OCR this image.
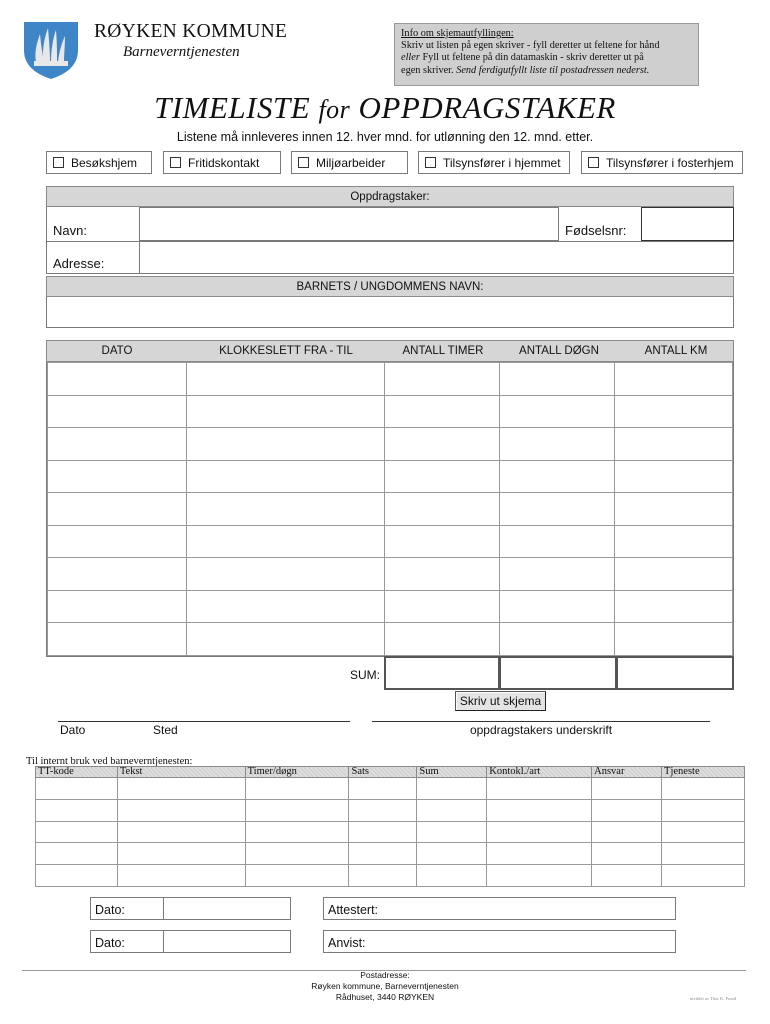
RØYKEN KOMMUNE
Barneverntjenesten
Info om skjemautfyllingen:
Skriv ut listen på egen skriver - fyll deretter ut feltene for hånd
eller Fyll ut feltene på din datamaskin - skriv deretter ut på
egen skriver. Send ferdigutfyllt liste til postadressen nederst.
TIMELISTE for OPPDRAGSTAKER
Listene må innleveres innen 12. hver mnd. for utlønning den 12. mnd. etter.
Besøkshjem	Fritidskontakt	Miljøarbeider	Tilsynsfører i hjemmet	Tilsynsfører i fosterhjem
Oppdragstaker:
Navn:	Fødselsnr:
Adresse:
BARNETS / UNGDOMMENS NAVN:
DATO	KLOKKESLETT FRA - TIL	ANTALL TIMER	ANTALL DØGN	ANTALL KM

SUM:
Skriv ut skjema
Dato	Sted	oppdragstakers underskrift
Til internt bruk ved barneverntjenesten:
TT-kode	Tekst	Timer/døgn	Sats	Sum	Kontokl./art	Ansvar	Tjeneste

Dato:	Attestert:
Dato:	Anvist:
Postadresse:
Røyken kommune, Barneverntjenesten
Rådhuset, 3440 RØYKEN	utviklet av Thor K. Fossil
